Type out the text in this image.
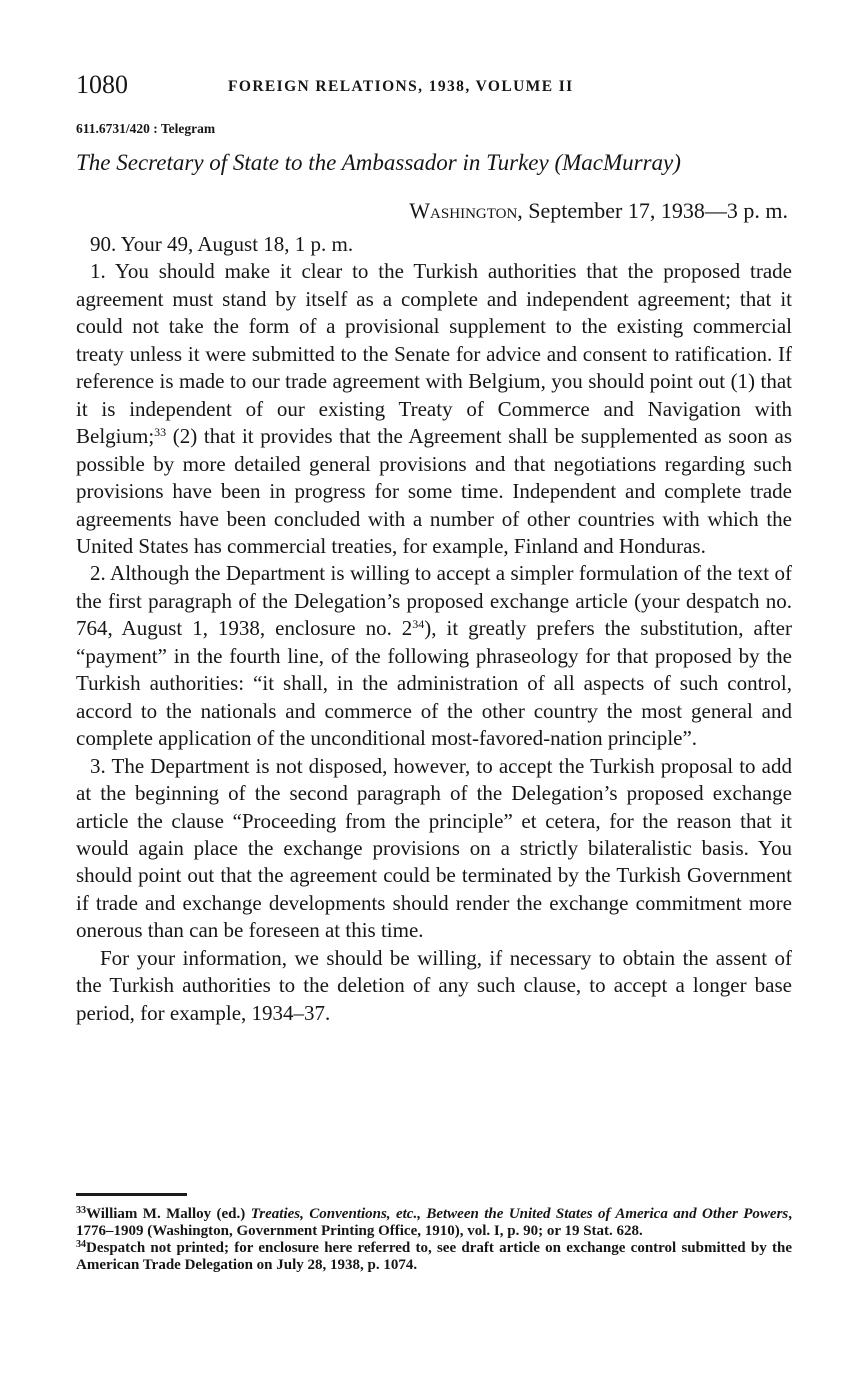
1080	FOREIGN RELATIONS, 1938, VOLUME II
611.6731/420 : Telegram
The Secretary of State to the Ambassador in Turkey (MacMurray)
Washington, September 17, 1938—3 p. m.

90. Your 49, August 18, 1 p. m.

1. You should make it clear to the Turkish authorities that the proposed trade agreement must stand by itself as a complete and independent agreement; that it could not take the form of a provisional supplement to the existing commercial treaty unless it were submitted to the Senate for advice and consent to ratification. If reference is made to our trade agreement with Belgium, you should point out (1) that it is independent of our existing Treaty of Commerce and Navigation with Belgium;$^{33}$ (2) that it provides that the Agreement shall be supplemented as soon as possible by more detailed general provisions and that negotiations regarding such provisions have been in progress for some time. Independent and complete trade agreements have been concluded with a number of other countries with which the United States has commercial treaties, for example, Finland and Honduras.

2. Although the Department is willing to accept a simpler formulation of the text of the first paragraph of the Delegation’s proposed exchange article (your despatch no. 764, August 1, 1938, enclosure no. 2$^{34}$), it greatly prefers the substitution, after “payment” in the fourth line, of the following phraseology for that proposed by the Turkish authorities: “it shall, in the administration of all aspects of such control, accord to the nationals and commerce of the other country the most general and complete application of the unconditional most-favored-nation principle”.

3. The Department is not disposed, however, to accept the Turkish proposal to add at the beginning of the second paragraph of the Delegation’s proposed exchange article the clause “Proceeding from the principle” et cetera, for the reason that it would again place the exchange provisions on a strictly bilateralistic basis. You should point out that the agreement could be terminated by the Turkish Government if trade and exchange developments should render the exchange commitment more onerous than can be foreseen at this time.

For your information, we should be willing, if necessary to obtain the assent of the Turkish authorities to the deletion of any such clause, to accept a longer base period, for example, 1934–37.

$^{33}$William M. Malloy (ed.) Treaties, Conventions, etc., Between the United States of America and Other Powers, 1776–1909 (Washington, Government Printing Office, 1910), vol. I, p. 90; or 19 Stat. 628.

$^{34}$Despatch not printed; for enclosure here referred to, see draft article on exchange control submitted by the American Trade Delegation on July 28, 1938, p. 1074.
